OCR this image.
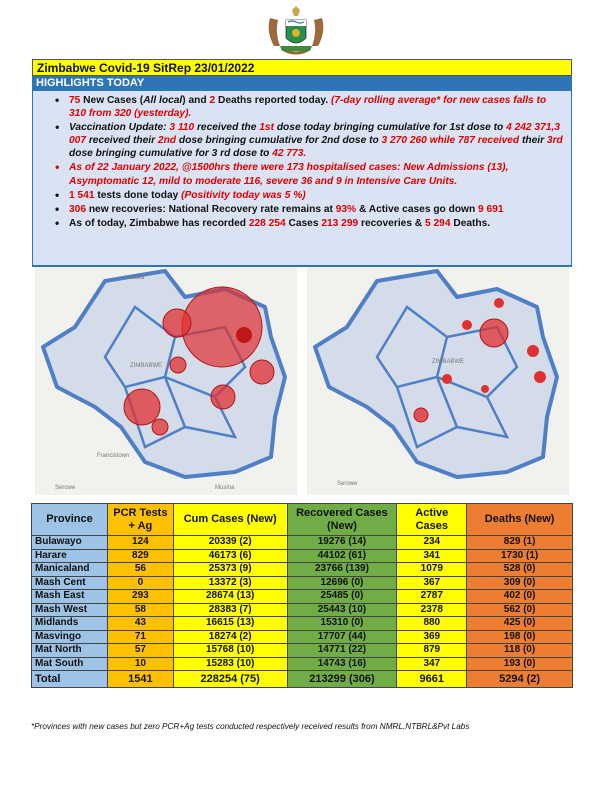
Zimbabwe Covid-19 SitRep 23/01/2022
HIGHLIGHTS TODAY
• 75 New Cases (All local) and 2 Deaths reported today. (7-day rolling average* for new cases falls to 310 from 320 (yesterday).
• Vaccination Update: 3 110 received the 1st dose today bringing cumulative for 1st dose to 4 242 371,3 007 received their 2nd dose bringing cumulative for 2nd dose to 3 270 260 while 787 received their 3rd dose bringing cumulative for 3 rd dose to 42 773.
• As of 22 January 2022, @1500hrs there were 173 hospitalised cases: New Admissions (13), Asymptomatic 12, mild to moderate 116, severe 36 and 9 in Intensive Care Units.
• 1 541 tests done today (Positivity today was 5 %)
• 306 new recoveries: National Recovery rate remains at 93% & Active cases go down 9 691
• As of today, Zimbabwe has recorded 228 254 Cases 213 299 recoveries & 5 294 Deaths.
Lusaka
ZIMBABWE
Francistown
Serowe	Musina
ZIMBABWE
Serowe
Province	PCR Tests + Ag	Cum Cases (New)	Recovered Cases (New)	Active Cases	Deaths (New)
Bulawayo	124	20339 (2)	19276 (14)	234	829 (1)
Harare	829	46173 (6)	44102 (61)	341	1730 (1)
Manicaland	56	25373 (9)	23766 (139)	1079	528 (0)
Mash Cent	0	13372 (3)	12696 (0)	367	309 (0)
Mash East	293	28674 (13)	25485 (0)	2787	402 (0)
Mash West	58	28383 (7)	25443 (10)	2378	562 (0)
Midlands	43	16615 (13)	15310 (0)	880	425 (0)
Masvingo	71	18274 (2)	17707 (44)	369	198 (0)
Mat North	57	15768 (10)	14771 (22)	879	118 (0)
Mat South	10	15283 (10)	14743 (16)	347	193 (0)
Total	1541	228254 (75)	213299 (306)	9661	5294 (2)
*Provinces with new cases but zero PCR+Ag tests conducted respectively received results from NMRL,NTBRL&Pvt Labs
